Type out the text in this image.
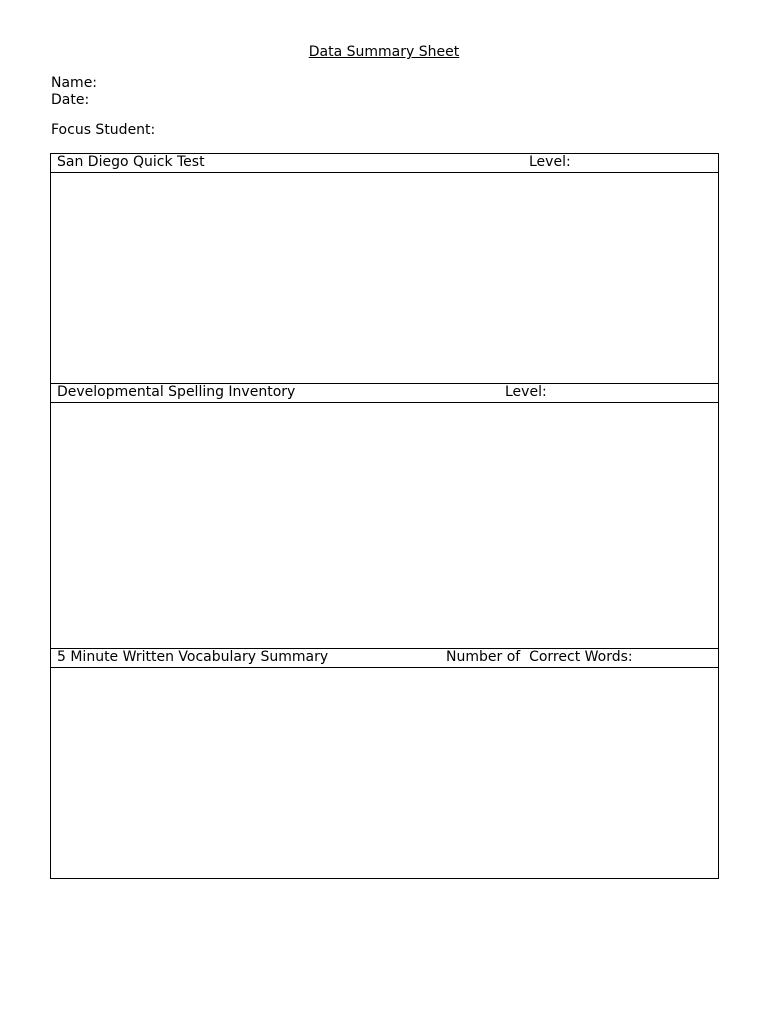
Data Summary Sheet
Name:
Date:
Focus Student:
San Diego Quick Test	Level:
Developmental Spelling Inventory	Level:
5 Minute Written Vocabulary Summary	Number of  Correct Words:
